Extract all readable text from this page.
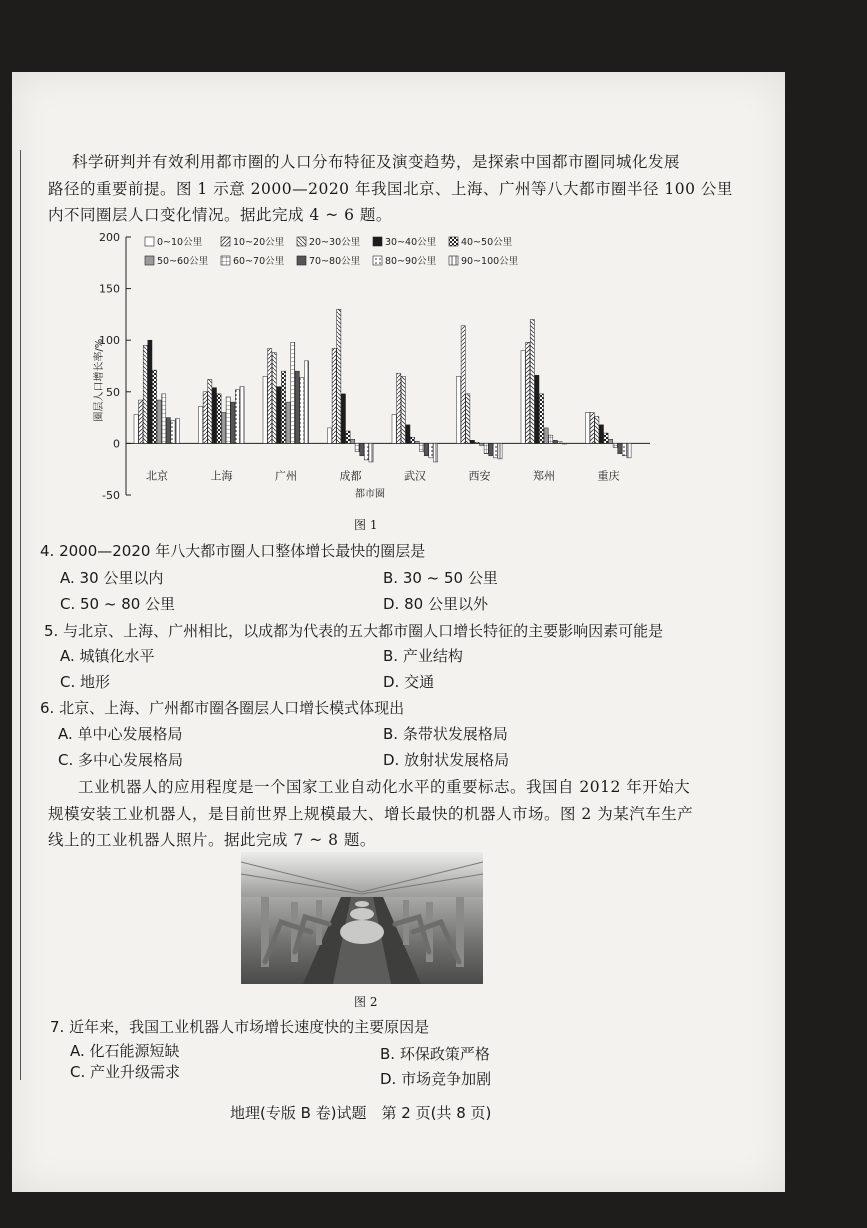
科学研判并有效利用都市圈的人口分布特征及演变趋势，是探索中国都市圈同城化发展
路径的重要前提。图 1 示意 2000—2020 年我国北京、上海、广州等八大都市圈半径 100 公里
内不同圈层人口变化情况。据此完成 4 ~ 6 题。
200
150
100
50
0
-50
圈层人口增长率/%
北京	上海	广州	成都	武汉	西安	郑州	重庆
都市圈
0~10公里	10~20公里	20~30公里	30~40公里	40~50公里
50~60公里	60~70公里	70~80公里	80~90公里	90~100公里
图 1
4. 2000—2020 年八大都市圈人口整体增长最快的圈层是
A. 30 公里以内	B. 30 ~ 50 公里
C. 50 ~ 80 公里	D. 80 公里以外
5. 与北京、上海、广州相比，以成都为代表的五大都市圈人口增长特征的主要影响因素可能是
A. 城镇化水平	B. 产业结构
C. 地形	D. 交通
6. 北京、上海、广州都市圈各圈层人口增长模式体现出
A. 单中心发展格局	B. 条带状发展格局
C. 多中心发展格局	D. 放射状发展格局
工业机器人的应用程度是一个国家工业自动化水平的重要标志。我国自 2012 年开始大
规模安装工业机器人，是目前世界上规模最大、增长最快的机器人市场。图 2 为某汽车生产
线上的工业机器人照片。据此完成 7 ~ 8 题。
图 2
7. 近年来，我国工业机器人市场增长速度快的主要原因是
A. 化石能源短缺	B. 环保政策严格
C. 产业升级需求	D. 市场竞争加剧
地理(专版 B 卷)试题　第 2 页(共 8 页)
